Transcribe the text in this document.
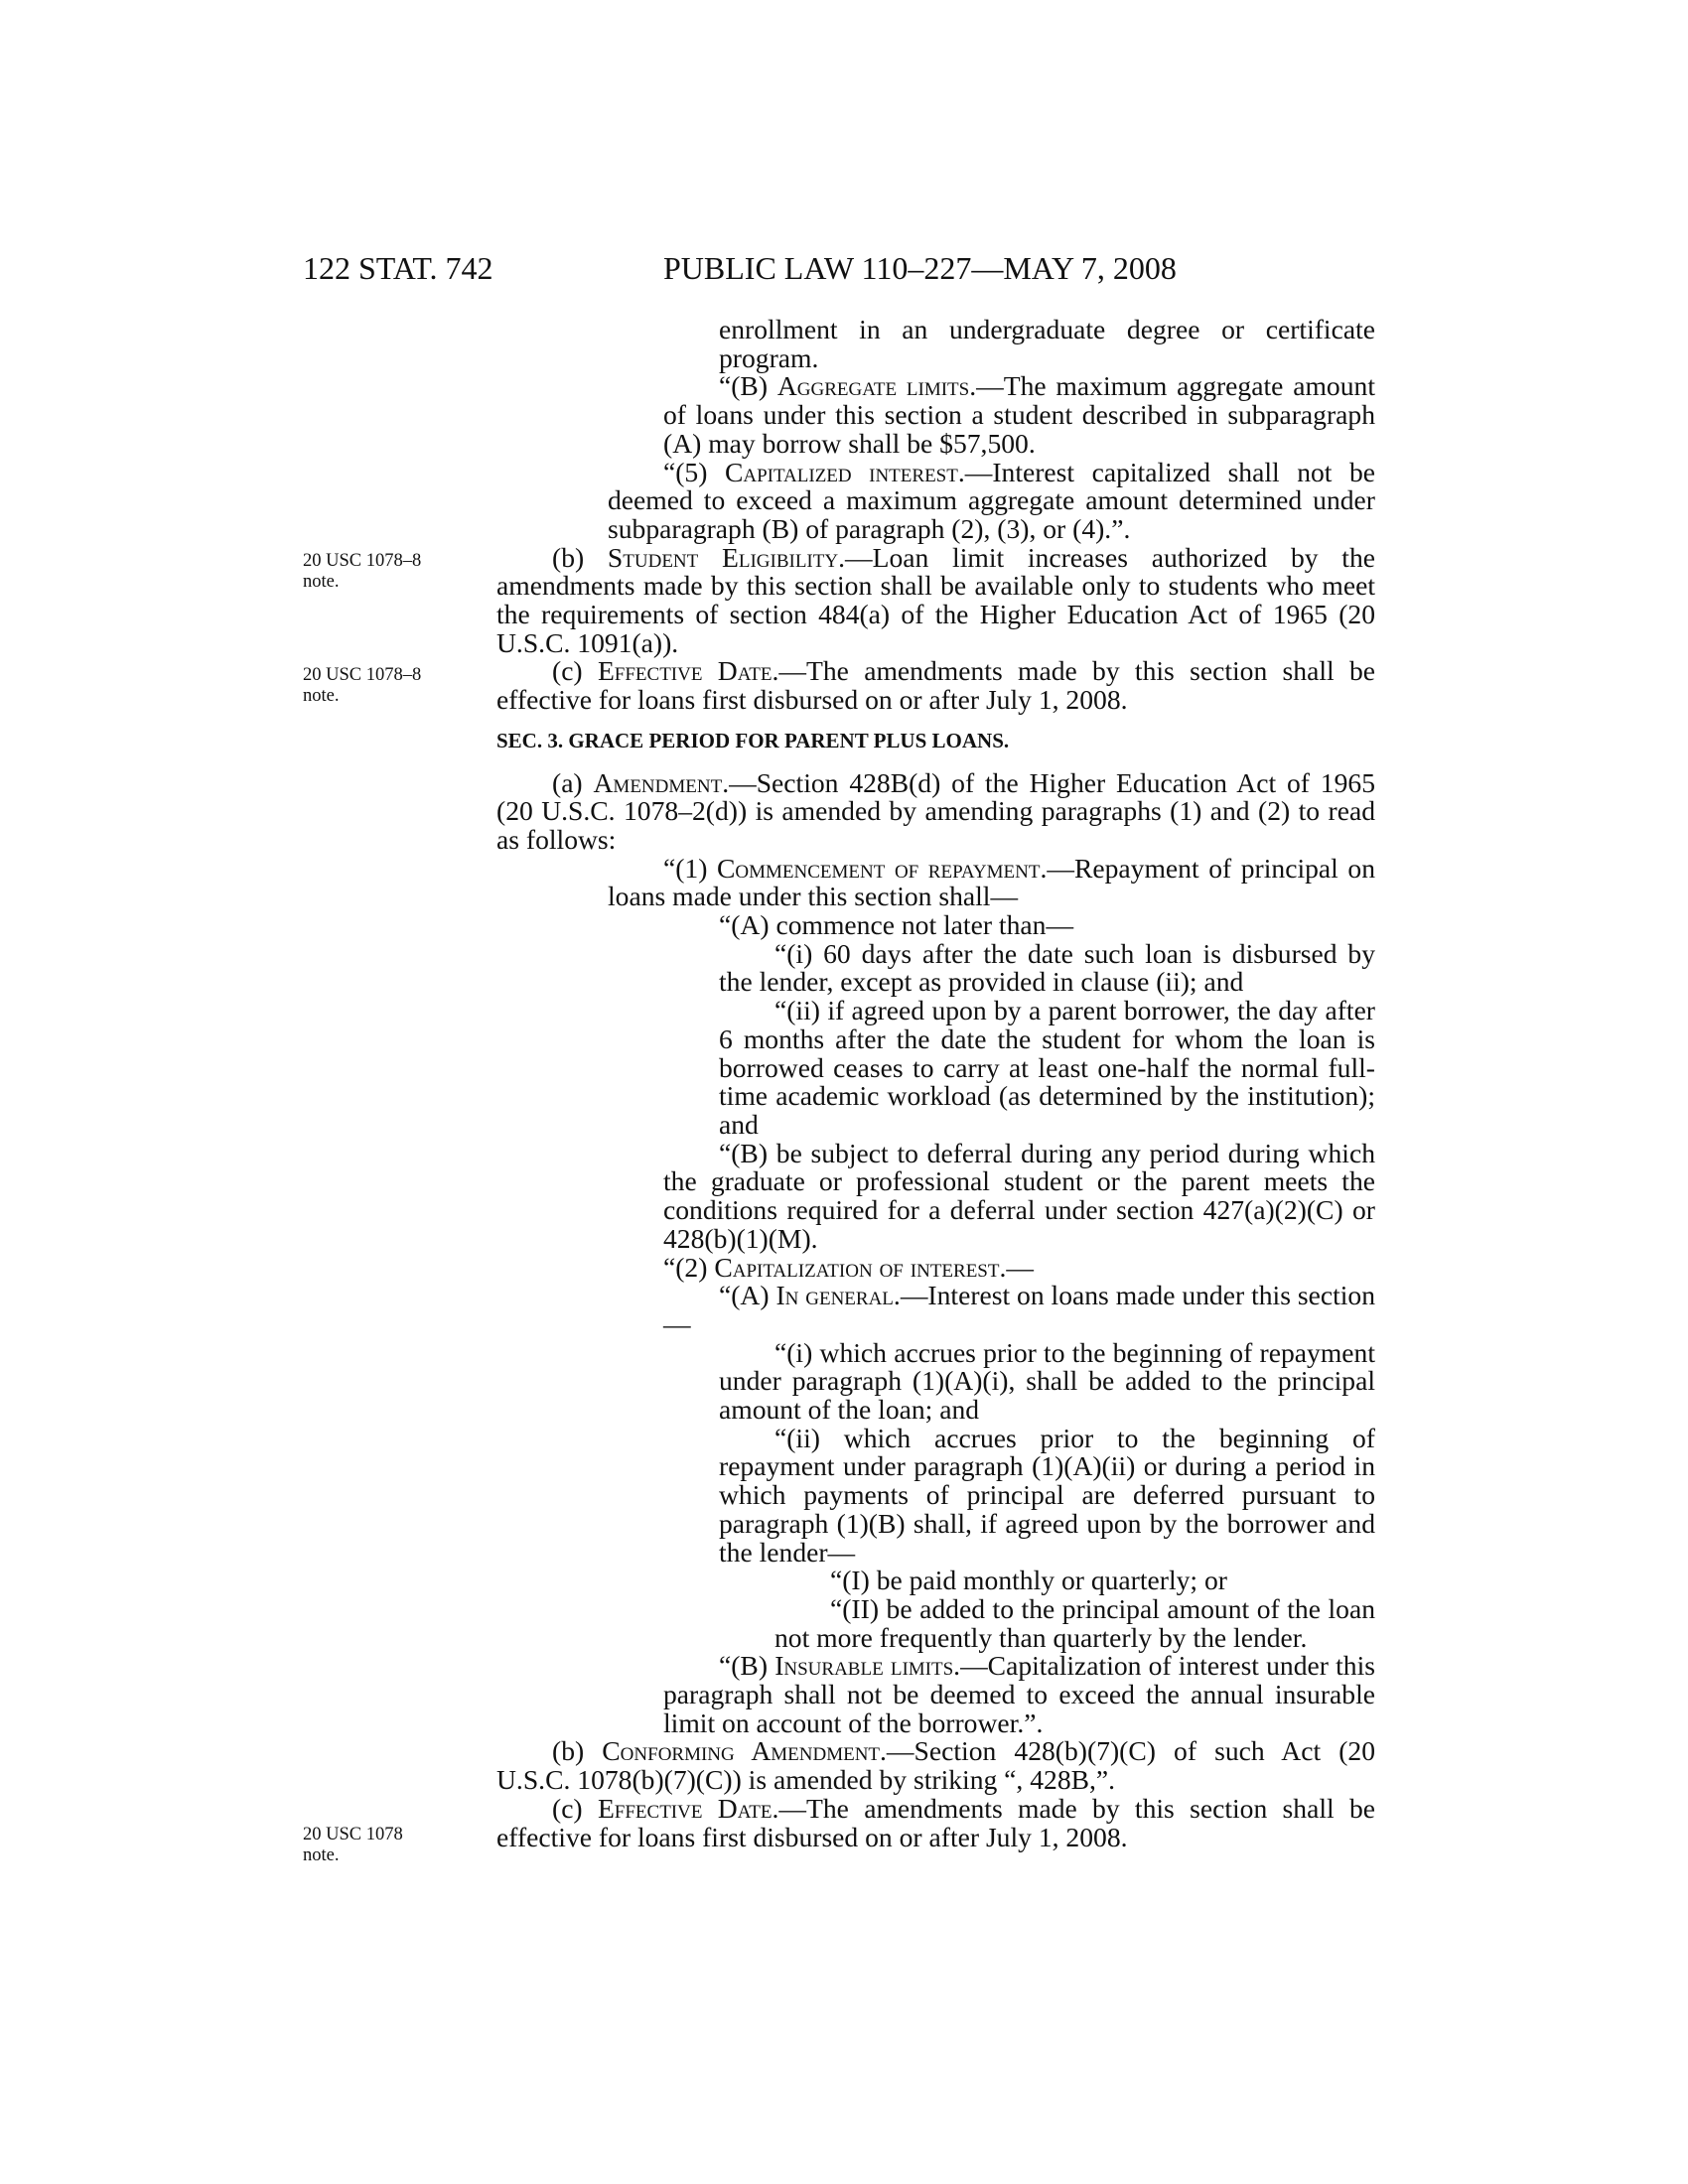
122 STAT. 742	PUBLIC LAW 110–227—MAY 7, 2008
20 USC 1078–8
note.
20 USC 1078–8
note.
20 USC 1078
note.

enrollment in an undergraduate degree or certificate program.

“(B) Aggregate limits.—The maximum aggregate amount of loans under this section a student described in subparagraph (A) may borrow shall be $57,500.

“(5) Capitalized interest.—Interest capitalized shall not be deemed to exceed a maximum aggregate amount determined under subparagraph (B) of paragraph (2), (3), or (4).”.

(b) Student Eligibility.—Loan limit increases authorized by the amendments made by this section shall be available only to students who meet the requirements of section 484(a) of the Higher Education Act of 1965 (20 U.S.C. 1091(a)).

(c) Effective Date.—The amendments made by this section shall be effective for loans first disbursed on or after July 1, 2008.

SEC. 3. GRACE PERIOD FOR PARENT PLUS LOANS.

(a) Amendment.—Section 428B(d) of the Higher Education Act of 1965 (20 U.S.C. 1078–2(d)) is amended by amending paragraphs (1) and (2) to read as follows:

“(1) Commencement of repayment.—Repayment of principal on loans made under this section shall—

“(A) commence not later than—

“(i) 60 days after the date such loan is disbursed by the lender, except as provided in clause (ii); and

“(ii) if agreed upon by a parent borrower, the day after 6 months after the date the student for whom the loan is borrowed ceases to carry at least one-half the normal full-time academic workload (as determined by the institution); and

“(B) be subject to deferral during any period during which the graduate or professional student or the parent meets the conditions required for a deferral under section 427(a)(2)(C) or 428(b)(1)(M).

“(2) Capitalization of interest.—

“(A) In general.—Interest on loans made under this section—

“(i) which accrues prior to the beginning of repayment under paragraph (1)(A)(i), shall be added to the principal amount of the loan; and

“(ii) which accrues prior to the beginning of repayment under paragraph (1)(A)(ii) or during a period in which payments of principal are deferred pursuant to paragraph (1)(B) shall, if agreed upon by the borrower and the lender—

“(I) be paid monthly or quarterly; or

“(II) be added to the principal amount of the loan not more frequently than quarterly by the lender.

“(B) Insurable limits.—Capitalization of interest under this paragraph shall not be deemed to exceed the annual insurable limit on account of the borrower.”.

(b) Conforming Amendment.—Section 428(b)(7)(C) of such Act (20 U.S.C. 1078(b)(7)(C)) is amended by striking “, 428B,”.

(c) Effective Date.—The amendments made by this section shall be effective for loans first disbursed on or after July 1, 2008.
